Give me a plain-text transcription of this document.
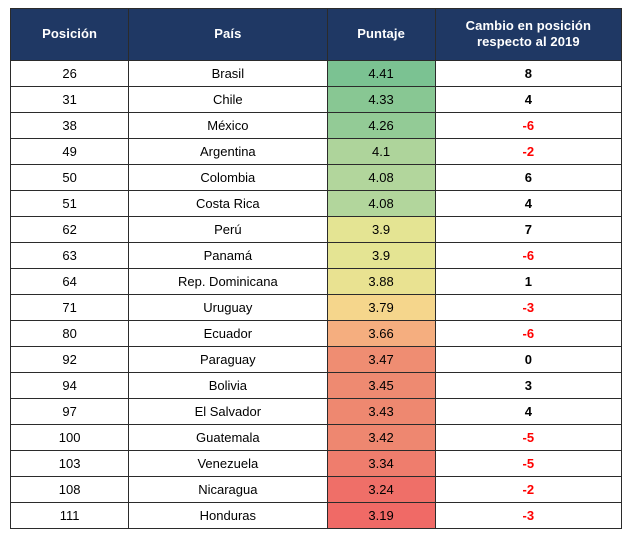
Posición	País	Puntaje	Cambio en posición respecto al 2019
26	Brasil	4.41	8
31	Chile	4.33	4
38	México	4.26	-6
49	Argentina	4.1	-2
50	Colombia	4.08	6
51	Costa Rica	4.08	4
62	Perú	3.9	7
63	Panamá	3.9	-6
64	Rep. Dominicana	3.88	1
71	Uruguay	3.79	-3
80	Ecuador	3.66	-6
92	Paraguay	3.47	0
94	Bolivia	3.45	3
97	El Salvador	3.43	4
100	Guatemala	3.42	-5
103	Venezuela	3.34	-5
108	Nicaragua	3.24	-2
111	Honduras	3.19	-3
